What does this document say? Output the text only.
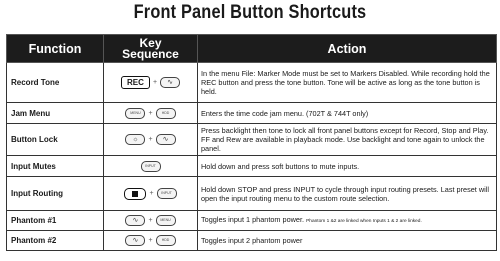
Front Panel Button Shortcuts
Function	Key Sequence	Action
Record Tone	REC + ∿	In the menu File: Marker Mode must be set to Markers Disabled. While recording hold the REC button and press the tone button. Tone will be active as long as the tone button is held.
Jam Menu	MENU + HDD	Enters the time code jam menu. (702T & 744T only)
Button Lock	☼ + ∿	Press backlight then tone to lock all front panel buttons except for Record, Stop and Play. FF and Rew are available in playback mode. Use backlight and tone again to unlock the panel.
Input Mutes	INPUT	Hold down and press soft buttons to mute inputs.
Input Routing	+ INPUT	Hold down STOP and press INPUT to cycle through input routing presets. Last preset will open the input routing menu to the custom route selection.
Phantom #1	∿ + MENU	Toggles input 1 phantom power. Phantom 1 &2 are linked when Inputs 1 & 2 are linked.
Phantom #2	∿ + HDD	Toggles input 2 phantom power
